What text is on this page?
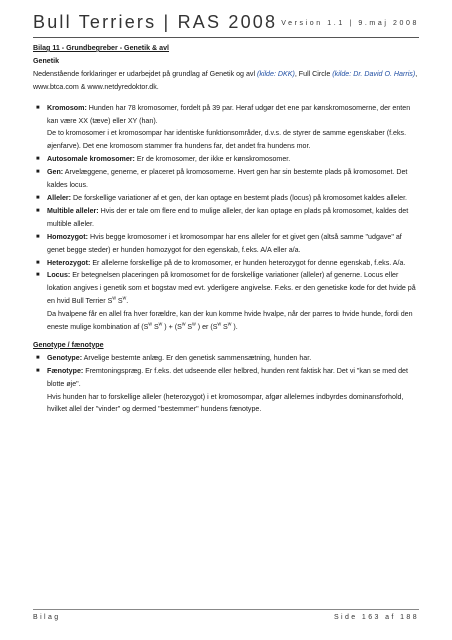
Bull Terriers | RAS 2008 Version 1.1 | 9.maj 2008
Bilag 11 - Grundbegreber - Genetik & avl
Genetik
Nedenstående forklaringer er udarbejdet på grundlag af Genetik og avl (kilde: DKK), Full Circle (kilde: Dr. David O. Harris), www.btca.com & www.netdyredoktor.dk.
■ Kromosom: Hunden har 78 kromosomer, fordelt på 39 par. Heraf udgør det ene par kønskromosomerne, der enten kan være XX (tæve) eller XY (han).
De to kromosomer i et kromosompar har identiske funktionsområder, d.v.s. de styrer de samme egenskaber (f.eks. øjenfarve). Det ene kromosom stammer fra hundens far, det andet fra hundens mor.
■ Autosomale kromosomer: Er de kromosomer, der ikke er kønskromosomer.
■ Gen: Arvelæggene, generne, er placeret på kromosomerne. Hvert gen har sin bestemte plads på kromosomet. Det kaldes locus.
■ Alleler: De forskellige variationer af et gen, der kan optage en bestemt plads (locus) på kromosomet kaldes alleler.
■ Multible alleler: Hvis der er tale om flere end to mulige alleler, der kan optage en plads på kromosomet, kaldes det multible alleler.
■ Homozygot: Hvis begge kromosomer i et kromosompar har ens alleler for et givet gen (altså samme "udgave" af genet begge steder) er hunden homozygot for den egenskab, f.eks. A/A eller a/a.
■ Heterozygot: Er allelerne forskellige på de to kromosomer, er hunden heterozygot for denne egenskab, f.eks. A/a.
■ Locus: Er betegnelsen placeringen på kromosomet for de forskellige variationer (alleler) af generne. Locus eller lokation angives i genetik som et bogstav med evt. yderligere angivelse. F.eks. er den genetiske kode for det hvide på en hvid Bull Terrier $S^w$ $S^w$.
Da hvalpene får en allel fra hver forældre, kan der kun komme hvide hvalpe, når der parres to hvide hunde, fordi den eneste mulige kombination af ($S^w$ $S^w$ ) + ($S^w$ $S^w$ ) er ($S^w$ $S^w$ ).
Genotype / fænotype
■ Genotype: Arvelige bestemte anlæg. Er den genetisk sammensætning, hunden har.
■ Fænotype: Fremtoningspræg. Er f.eks. det udseende eller helbred, hunden rent faktisk har. Det vi "kan se med det blotte øje".
Hvis hunden har to forskellige alleler (heterozygot) i et kromosompar, afgør allelernes indbyrdes dominansforhold, hvilket allel der "vinder" og dermed "bestemmer" hundens fænotype.
Bilag	Side 163 af 188
